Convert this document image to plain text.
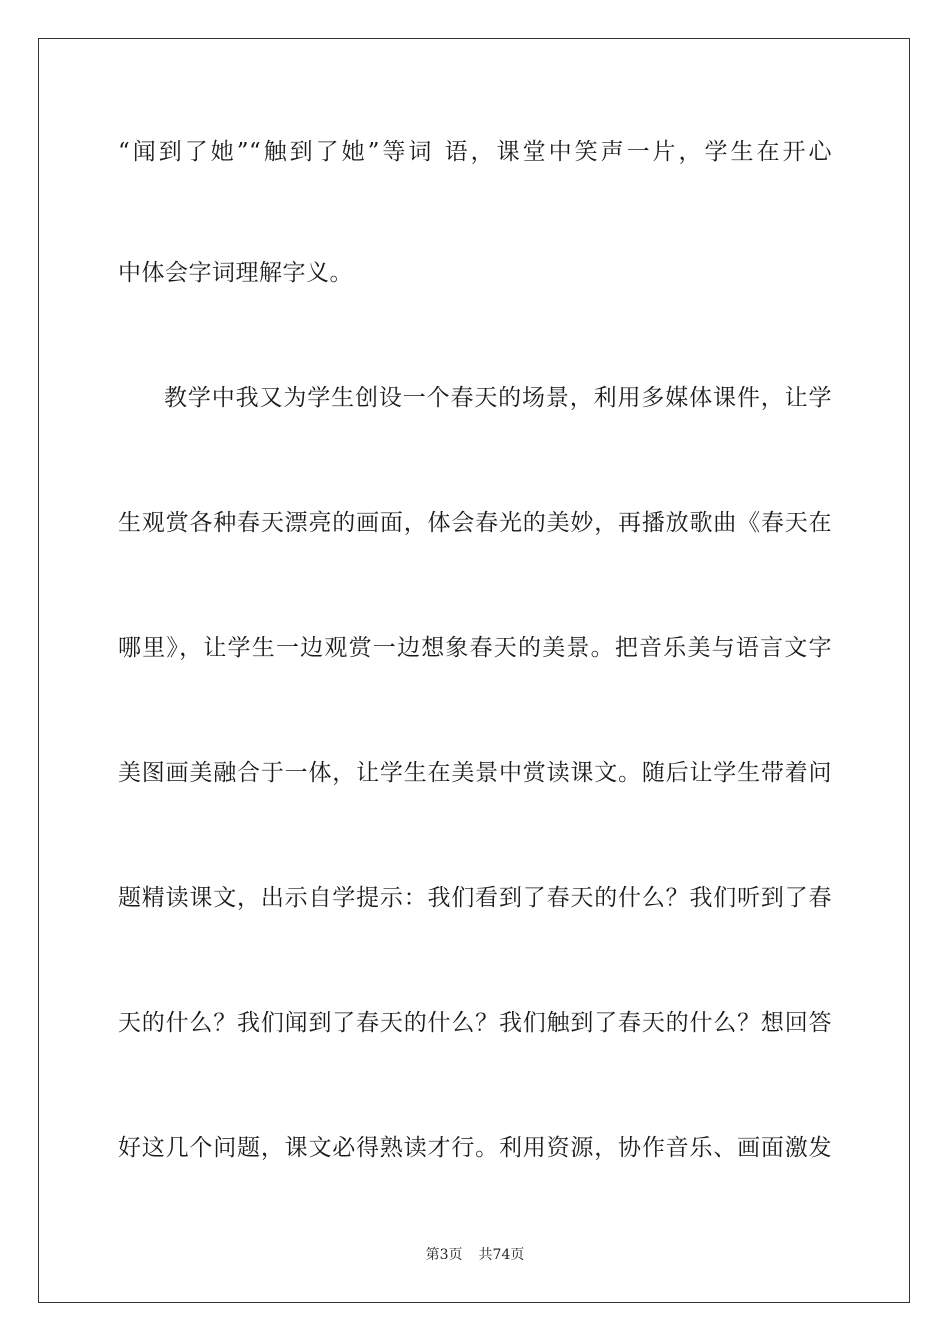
“闻到了她”“触到了她”等词 语，课堂中笑声一片，学生在开心
中体会字词理解字义。
教学中我又为学生创设一个春天的场景，利用多媒体课件，让学
生观赏各种春天漂亮的画面，体会春光的美妙，再播放歌曲《春天在
哪里》，让学生一边观赏一边想象春天的美景。把音乐美与语言文字
美图画美融合于一体，让学生在美景中赏读课文。随后让学生带着问
题精读课文，出示自学提示：我们看到了春天的什么？我们听到了春
天的什么？我们闻到了春天的什么？我们触到了春天的什么？想回答
好这几个问题，课文必得熟读才行。利用资源，协作音乐、画面激发
第3页 共74页
